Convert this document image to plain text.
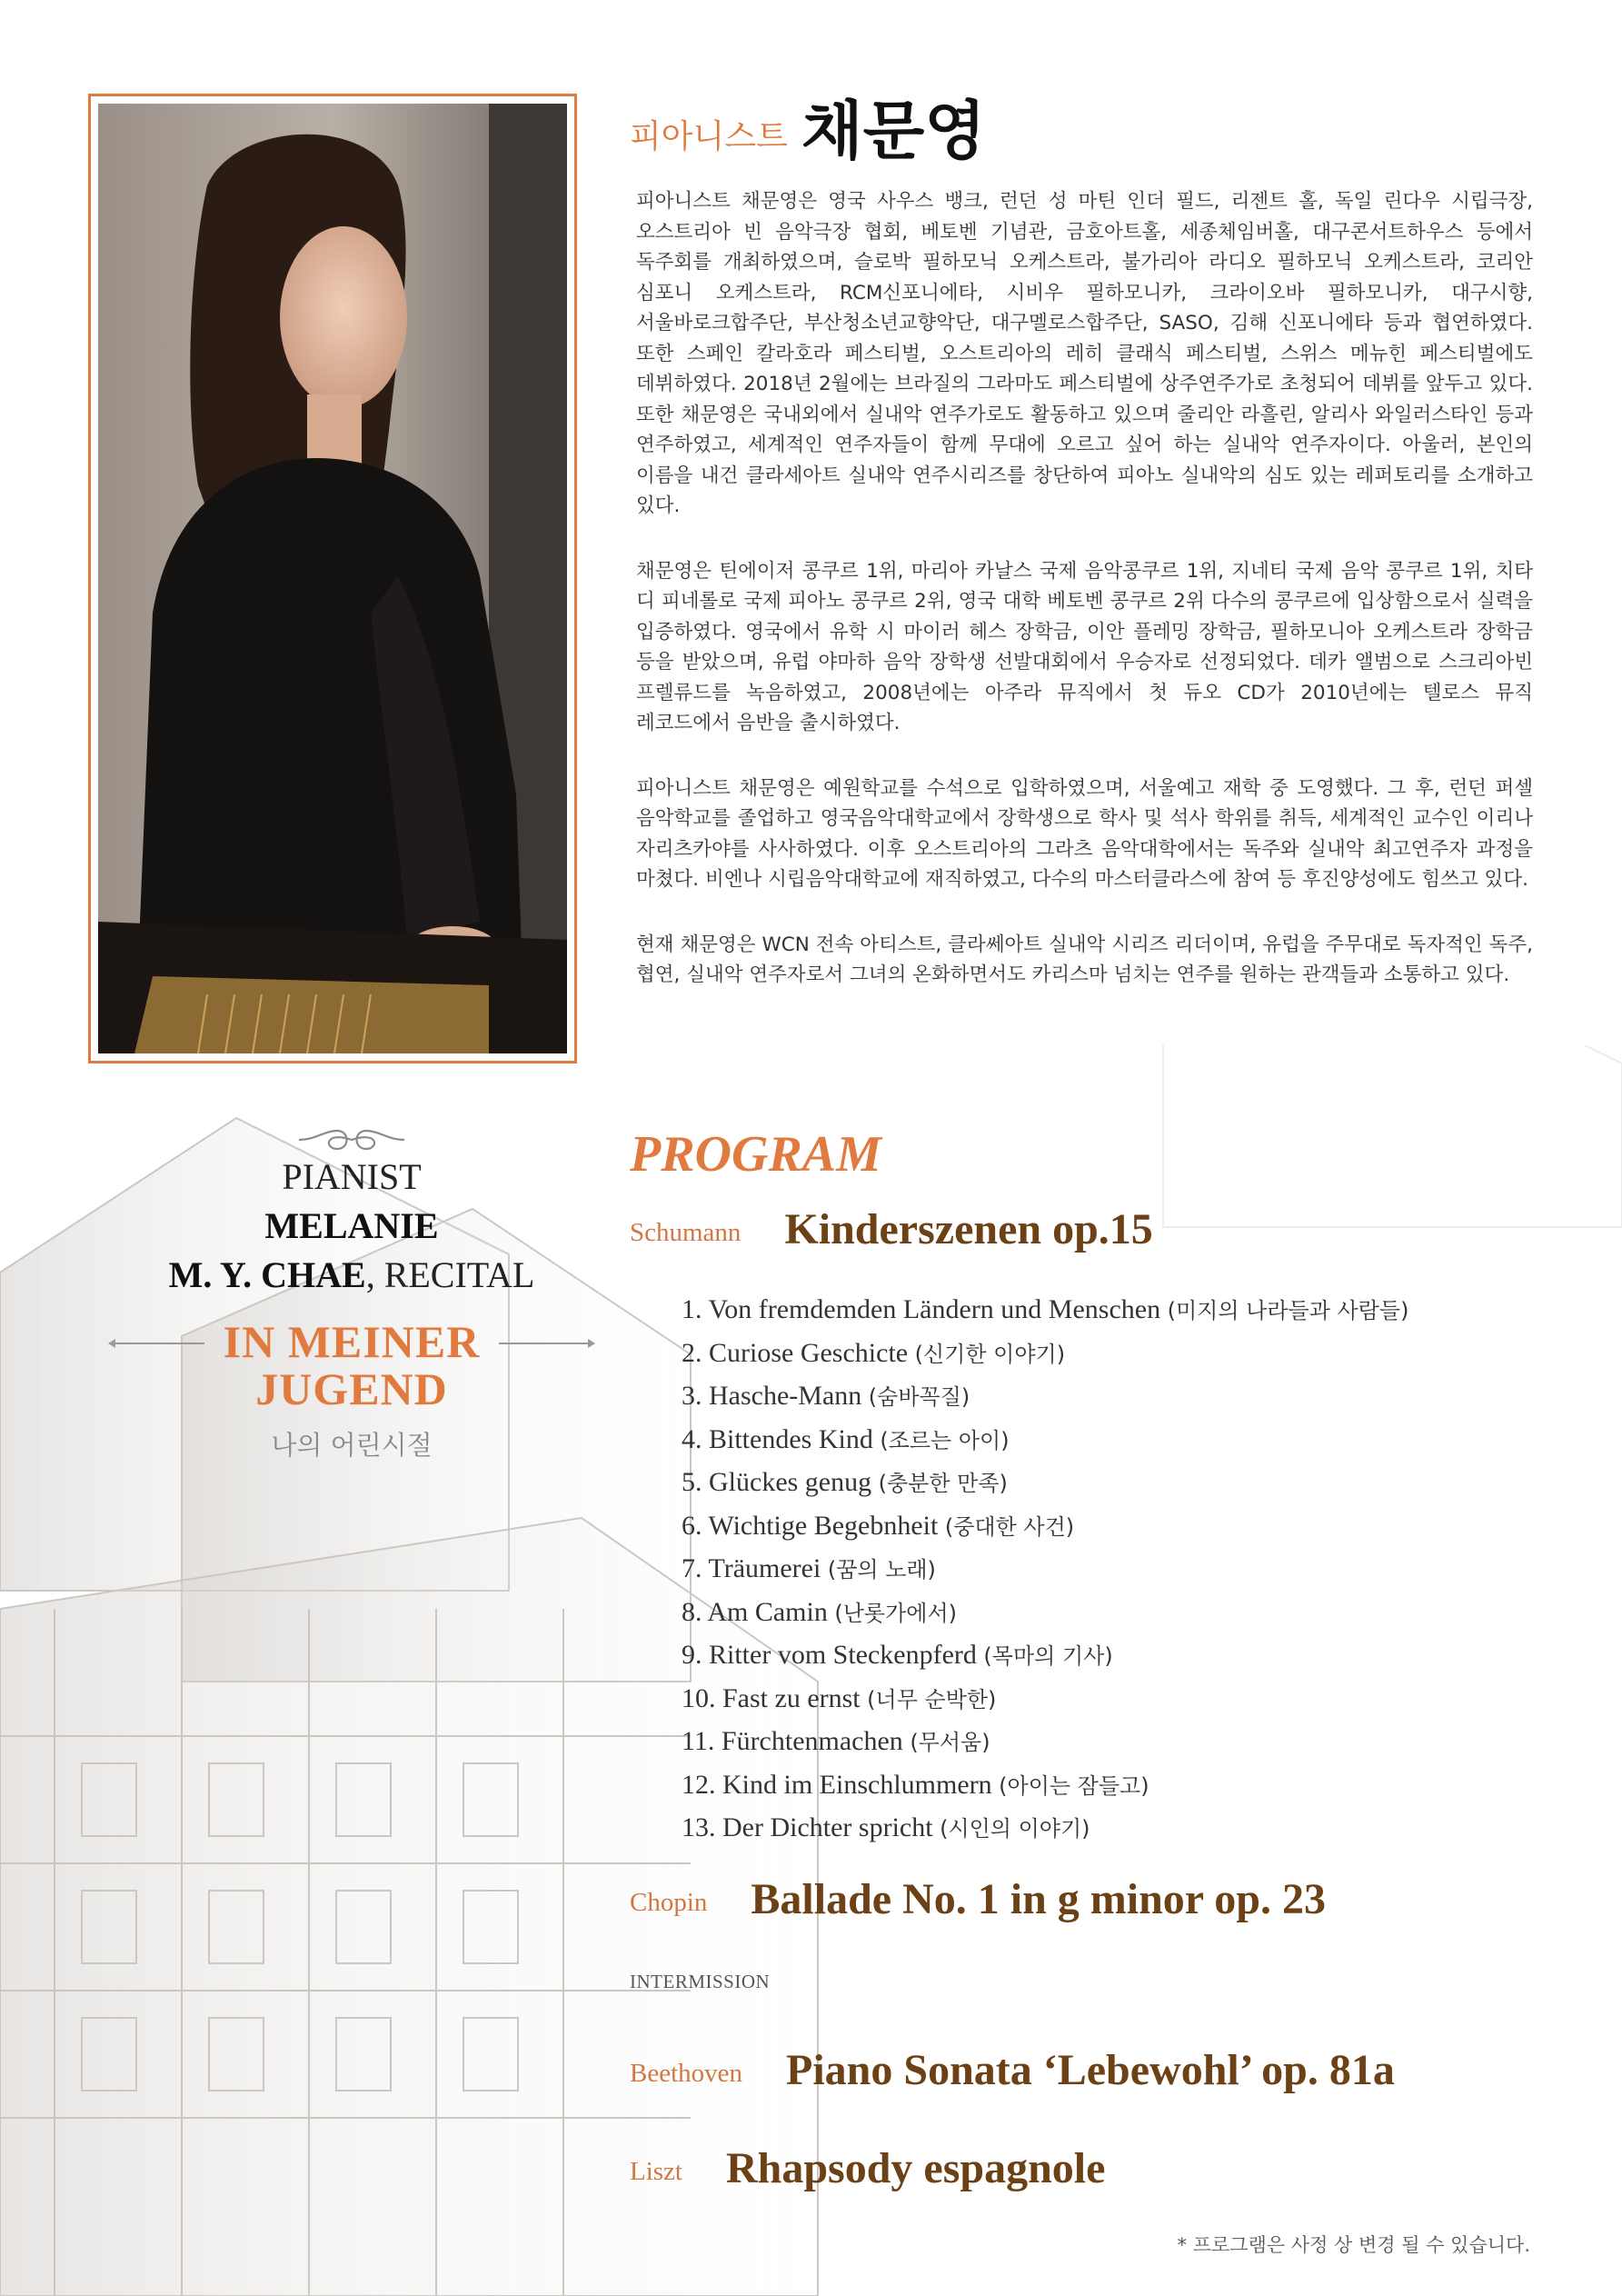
피아니스트 채문영

피아니스트 채문영은 영국 사우스 뱅크, 런던 성 마틴 인더 필드, 리젠트 홀, 독일 린다우 시립극장, 오스트리아 빈 음악극장 협회, 베토벤 기념관, 금호아트홀, 세종체임버홀, 대구콘서트하우스 등에서 독주회를 개최하였으며, 슬로박 필하모닉 오케스트라, 불가리아 라디오 필하모닉 오케스트라, 코리안 심포니 오케스트라, RCM신포니에타, 시비우 필하모니카, 크라이오바 필하모니카, 대구시향, 서울바로크합주단, 부산청소년교향악단, 대구멜로스합주단, SASO, 김해 신포니에타 등과 협연하였다. 또한 스페인 칼라호라 페스티벌, 오스트리아의 레히 클래식 페스티벌, 스위스 메뉴힌 페스티벌에도 데뷔하였다. 2018년 2월에는 브라질의 그라마도 페스티벌에 상주연주가로 초청되어 데뷔를 앞두고 있다. 또한 채문영은 국내외에서 실내악 연주가로도 활동하고 있으며 줄리안 라흘린, 알리사 와일러스타인 등과 연주하였고, 세계적인 연주자들이 함께 무대에 오르고 싶어 하는 실내악 연주자이다. 아울러, 본인의 이름을 내건 클라세아트 실내악 연주시리즈를 창단하여 피아노 실내악의 심도 있는 레퍼토리를 소개하고 있다.

채문영은 틴에이저 콩쿠르 1위, 마리아 카날스 국제 음악콩쿠르 1위, 지네티 국제 음악 콩쿠르 1위, 치타 디 피네롤로 국제 피아노 콩쿠르 2위, 영국 대학 베토벤 콩쿠르 2위 다수의 콩쿠르에 입상함으로서 실력을 입증하였다. 영국에서 유학 시 마이러 헤스 장학금, 이안 플레밍 장학금, 필하모니아 오케스트라 장학금 등을 받았으며, 유럽 야마하 음악 장학생 선발대회에서 우승자로 선정되었다. 데카 앨범으로 스크리아빈 프렐류드를 녹음하였고, 2008년에는 아주라 뮤직에서 첫 듀오 CD가 2010년에는 텔로스 뮤직 레코드에서 음반을 출시하였다.

피아니스트 채문영은 예원학교를 수석으로 입학하였으며, 서울예고 재학 중 도영했다. 그 후, 런던 퍼셀 음악학교를 졸업하고 영국음악대학교에서 장학생으로 학사 및 석사 학위를 취득, 세계적인 교수인 이리나 자리츠카야를 사사하였다. 이후 오스트리아의 그라츠 음악대학에서는 독주와 실내악 최고연주자 과정을 마쳤다. 비엔나 시립음악대학교에 재직하였고, 다수의 마스터클라스에 참여 등 후진양성에도 힘쓰고 있다.

현재 채문영은 WCN 전속 아티스트, 클라쎄아트 실내악 시리즈 리더이며, 유럽을 주무대로 독자적인 독주, 협연, 실내악 연주자로서 그녀의 온화하면서도 카리스마 넘치는 연주를 원하는 관객들과 소통하고 있다.

PIANIST
MELANIE
M. Y. CHAE, RECITAL
IN MEINER
JUGEND
나의 어린시절
PROGRAM
Schumann Kinderszenen op.15
1. Von fremdemden Ländern und Menschen (미지의 나라들과 사람들)
2. Curiose Geschicte (신기한 이야기)
3. Hasche-Mann (숨바꼭질)
4. Bittendes Kind (조르는 아이)
5. Glückes genug (충분한 만족)
6. Wichtige Begebnheit (중대한 사건)
7. Träumerei (꿈의 노래)
8. Am Camin (난롯가에서)
9. Ritter vom Steckenpferd (목마의 기사)
10. Fast zu ernst (너무 순박한)
11. Fürchtenmachen (무서움)
12. Kind im Einschlummern (아이는 잠들고)
13. Der Dichter spricht (시인의 이야기)
Chopin Ballade No. 1 in g minor op. 23
INTERMISSION
Beethoven Piano Sonata ‘Lebewohl’ op. 81a
Liszt Rhapsody espagnole
* 프로그램은 사정 상 변경 될 수 있습니다.
